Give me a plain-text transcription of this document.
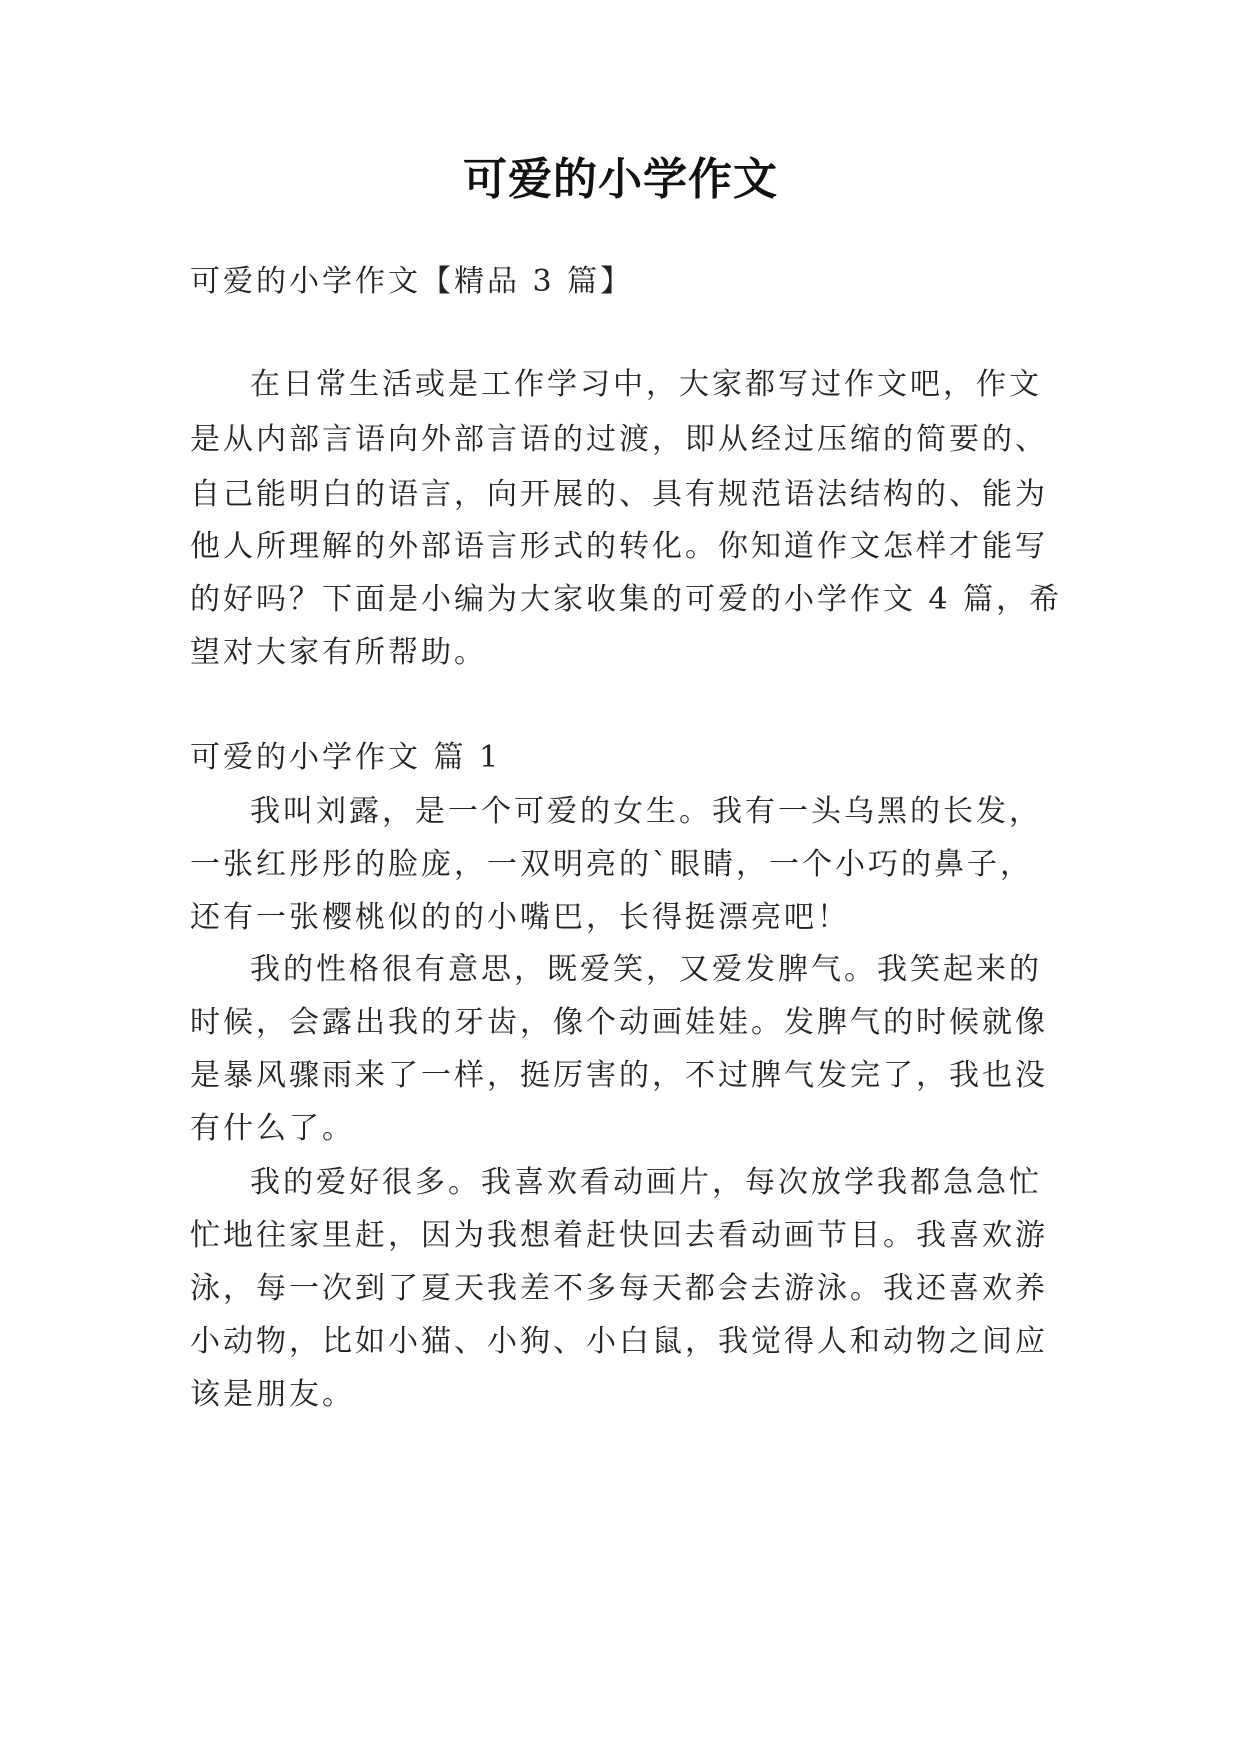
可爱的小学作文

可爱的小学作文【精品 3 篇】

在日常生活或是工作学习中，大家都写过作文吧，作文

是从内部言语向外部言语的过渡，即从经过压缩的简要的、

自己能明白的语言，向开展的、具有规范语法结构的、能为

他人所理解的外部语言形式的转化。你知道作文怎样才能写

的好吗？下面是小编为大家收集的可爱的小学作文 4 篇，希

望对大家有所帮助。

可爱的小学作文 篇 1

我叫刘露，是一个可爱的女生。我有一头乌黑的长发，

一张红彤彤的脸庞，一双明亮的`眼睛，一个小巧的鼻子，

还有一张樱桃似的的小嘴巴，长得挺漂亮吧！

我的性格很有意思，既爱笑，又爱发脾气。我笑起来的

时候，会露出我的牙齿，像个动画娃娃。发脾气的时候就像

是暴风骤雨来了一样，挺厉害的，不过脾气发完了，我也没

有什么了。

我的爱好很多。我喜欢看动画片，每次放学我都急急忙

忙地往家里赶，因为我想着赶快回去看动画节目。我喜欢游

泳，每一次到了夏天我差不多每天都会去游泳。我还喜欢养

小动物，比如小猫、小狗、小白鼠，我觉得人和动物之间应

该是朋友。
